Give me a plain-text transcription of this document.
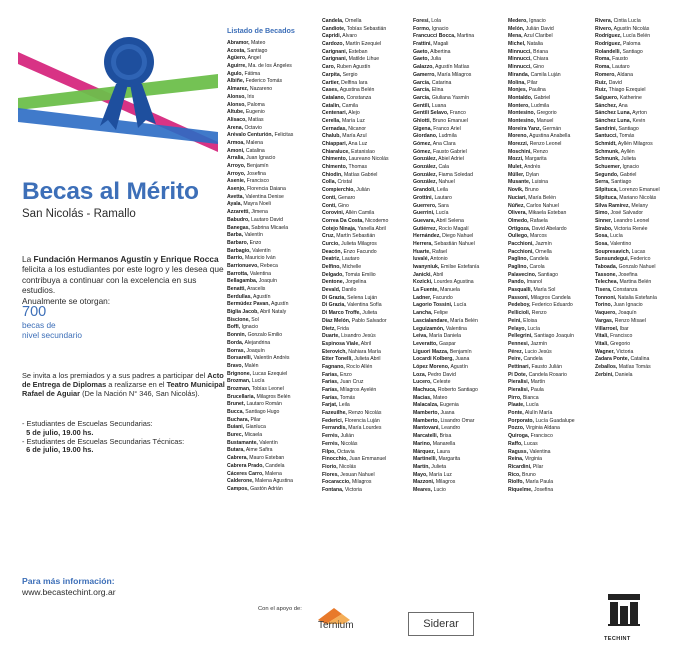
Becas al Mérito
San Nicolás - Ramallo
La Fundación Hermanos Agustín y Enrique Rocca felicita a los estudiantes por este logro y les desea que contribuya a continuar con la excelencia en sus estudios.
Anualmente se otorgan:
700
becas de
nivel secundario
Se invita a los premiados y a sus padres a participar del Acto de Entrega de Diplomas a realizarse en el Teatro Municipal Rafael de Aguiar (De la Nación N° 346, San Nicolás).
- Estudiantes de Escuelas Secundarias:
5 de julio, 19.00 hs.
- Estudiantes de Escuelas Secundarias Técnicas:
6 de julio, 19.00 hs.
Para más información:
www.becastechint.org.ar
Listado de Becados
Abramor, Mateo
Acosta, Santiago
Agüero, Angel
Aguirre, Ma. de los Ángeles
Agulo, Fátima
Albiñe, Federico Tomás
Almarez, Nazareno
Alonso, Iris
Alonso, Paloma
Altube, Eugenio
Alisaco, Matías
Arena, Octavio
Arévalo Centurión, Felicitas
Armoa, Malena
Amoni, Catalina
Arralia, Juan Ignacio
Arroyo, Benjamín
Arroyo, Josefina
Asenie, Francisco
Asenjo, Florencia Daiana
Avetta, Valentina Denise
Ayala, Mayra Noeli
Azzaretti, Jimena
Babudro, Lautaro David
Banegas, Sabrina Micaela
Barba, Valentín
Barbaro, Enzo
Barbagio, Valentín
Barrio, Mauricio Iván
Barrionuevo, Rebeca
Barrotta, Valentina
Bellagamba, Joaquín
Benatti, Aracelis
Berdullas, Agustín
Bermúdez Pavan, Agustín
Biglia Jacob, Abril Nataly
Biscione, Sol
Boffi, Ignacio
Bonnin, Gonzalo Emilio
Borda, Alejandrina
Borras, Joaquín
Borsarelli, Valentín Andrés
Bravo, Malén
Brignone, Lucas Ezequiel
Brozman, Lucía
Brozman, Tobías Leonel
Brucellaria, Milagros Belén
Brunet, Lautaro Román
Bucca, Santiago Hugo
Buchara, Pilar
Buiani, Gianluca
Burec, Micaela
Bustamante, Valentín
Butara, Aime Safira
Cabrera, Mauro Esteban
Cabrera Prado, Candela
Cáceres Carro, Malena
Calderone, Malena Agustina
Campos, Gastón Adrián
Candela, Ornella
Candiote, Tobías Sebastián
Capridi, Alvaro
Cardozo, Martín Ezequiel
Carignani, Esteban
Carignani, Matilde Lihue
Caro, Ruben Agustín
Carpita, Sergio
Cartier, Delfina Iara
Cases, Agustina Belén
Catalano, Constanza
Catalin, Camila
Centenari, Alejo
Cerella, María Luz
Cernadas, Nicanor
Chalub, María Azul
Chiappari, Ana Luz
Chiaraluce, Estanislao
Chimento, Laureano Nicolás
Chimento, Thomas
Chiodin, Matías Gabriel
Colla, Cristal
Compierchio, Julián
Conti, Genaro
Conti, Gino
Corovini, Allén Camila
Correa Da Costa, Nicodemo
Cotejo Ninaja, Yanella Abril
Cruz, Martín Sebastián
Curcio, Julieta Milagros
Deacón, Enzo Facundo
Deatriz, Lautaro
Delfino, Michelle
Delgado, Tomás Emilio
Dentone, Jorgelina
Devald, Danilo
Di Grazia, Selena Luján
Di Grazia, Valentina Sofía
Di Marco Troffe, Julieta
Díaz Melón, Pablo Salvador
Dietz, Frida
Duarte, Lisandro Jesús
Espinosa Viale, Abril
Eterovich, Nahiara María
Etter Tonelli, Julieta Abril
Fagnano, Rocío Allén
Farias, Enzo
Farias, Juan Cruz
Farías, Milagros Ayelén
Farías, Tomás
Farjat, Leila
Fazeuilhe, Renzo Nicolás
Federici, Florencia Luján
Ferrandis, María Lourdes
Ferrés, Julián
Ferrés, Nicolás
Filpo, Octavia
Finocchio, Juan Emmanuel
Fiorio, Nicolás
Flores, Jesuan Nahuel
Focaraccio, Milagros
Fontana, Victoria
Foresi, Lola
Formo, Ignacio
Francucci Bocca, Martina
Frattini, Magali
Gaeto, Albertina
Gaeto, Julia
Galazzo, Agustín Matías
Gamerro, María Milagros
García, Catarina
García, Elina
García, Giuliana Yasmín
Gentili, Luana
Gentili Selavo, Franco
Ghiotti, Bruno Emanuel
Gigena, Franco Ariel
Giordano, Ludmila
Gómez, Ana Clara
Gómez, Fausto Gabriel
González, Abiel Adriel
González, Cala
González, Fiama Soledad
González, Nahuel
Grandoli, Leila
Grottini, Lautaro
Guerrero, Sara
Guerrini, Lucía
Guevara, Abril Selena
Gutiérrez, Rocío Magalí
Hernández, Diego Nahuel
Herrera, Sebastián Nahuel
Huarte, Rafael
Iuvalé, Antonio
Iwanyniuk, Emilse Estefanía
Janicki, Abril
Kozicki, Lourdes Agustina
La Fuente, Manuela
Ladner, Facundo
Lagorio Tossini, Lucía
Lancha, Felipe
Lascialandare, María Belén
Leguizamón, Valentina
Leiva, María Daniela
Leveratto, Gaspar
Liguori Mazza, Benjamín
Locardi Kolberg, Juana
López Moreno, Agustín
Loza, Pedro David
Lucero, Celeste
Machuca, Roberto Santiago
Macias, Mateo
Malacalza, Eugenia
Mamberto, Juana
Mamberto, Lisandro Omar
Mantovani, Leandro
Marcatelli, Brisa
Marino, Manarella
Márquez, Laura
Martinelli, Margarita
Martín, Julieta
Mayo, María Luz
Mazzoni, Milagros
Meares, Lucio
Medero, Ignacio
Melón, Julián David
Mena, Azul Claribel
Michel, Natalia
Minnucci, Briana
Minnucci, Chiara
Minnucci, Gino
Miranda, Camila Luján
Molina, Pilar
Monjes, Paulina
Montaldo, Gabriel
Montero, Ludmila
Montesino, Gregorio
Montesino, Manuel
Moreira Yanz, Germán
Moreno, Agustina Anabella
Morezzi, Renzo Leonel
Moschini, Renzo
Mozzi, Margarita
Mulet, Andrés
Müller, Dylan
Musante, Luisina
Novik, Bruno
Nuciari, María Belén
Núñez, Carlos Nahuel
Olivera, Mikaela Esteban
Olmedo, Rafaela
Ortigoza, David Abelardo
Ouliego, Marcos
Pacchioni, Jazmín
Pacchioni, Ornella
Paglino, Candela
Paglino, Carola
Palavecino, Santiago
Pando, Imanol
Pasqualli, María Sol
Passoni, Milagros Candela
Pedeboy, Federico Eduardo
Pellicioli, Renzo
Peini, Eloisa
Pelayo, Lucía
Pellegrini, Santiago Joaquín
Pennesi, Jazmín
Pérez, Lucio Jesús
Peire, Candela
Pettinari, Fausto Julián
Pi Dote, Candela Rosario
Pieralisi, Martín
Pieralisi, Paula
Pirro, Bianca
Plaate, Lucía
Ponte, Alulín María
Porporato, Lucía Guadalupe
Pozzo, Virginia Aldana
Quiroga, Francisco
Raffo, Lucas
Raguss, Valentina
Reina, Virginia
Ricardini, Pilar
Rico, Bruno
Riolfo, María Paula
Riquelme, Josefina
Rivera, Cintia Lucía
Rivero, Agustín Nicolás
Rodríguez, Lucía Belén
Rodríguez, Paloma
Rolandelli, Santiago
Roma, Fausto
Roma, Lautaro
Romero, Aldana
Ruiz, David
Ruiz, Thiago Ezequiel
Salguero, Katherine
Sánchez, Ana
Sánchez Luna, Ayrton
Sánchez Luna, Kevin
Sandrini, Santiago
Santucci, Tomás
Schmidt, Ayllén Milagros
Schmunk, Ayllén
Schmunk, Julieta
Schuemer, Ignacio
Segundo, Gabriel
Serra, Santiago
Silpituca, Lorenzo Emanuel
Silpituca, Mariano Nicolás
Silva Ramírez, Melany
Simo, José Salvador
Sinner, Leandro Leonel
Sirabo, Victoria Renée
Sosa, Lucía
Sosa, Valentino
Soupresavich, Lucas
Sunsundegui, Federico
Taboada, Gonzalo Nahuel
Tassone, Josefina
Telechea, Martina Belén
Tisera, Constanza
Tonnoni, Natalia Estefanía
Torino, Juan Ignacio
Vaquero, Joaquín
Vargas, Renzo Misael
Villarroel, Ibar
Vitali, Francisco
Vitali, Gregorio
Wagner, Victoria
Zadara Ponte, Catalina
Zeballos, Matías Tomás
Zerbini, Daniela
Con el apoyo de:
Ternium	Siderar
TECHINT
